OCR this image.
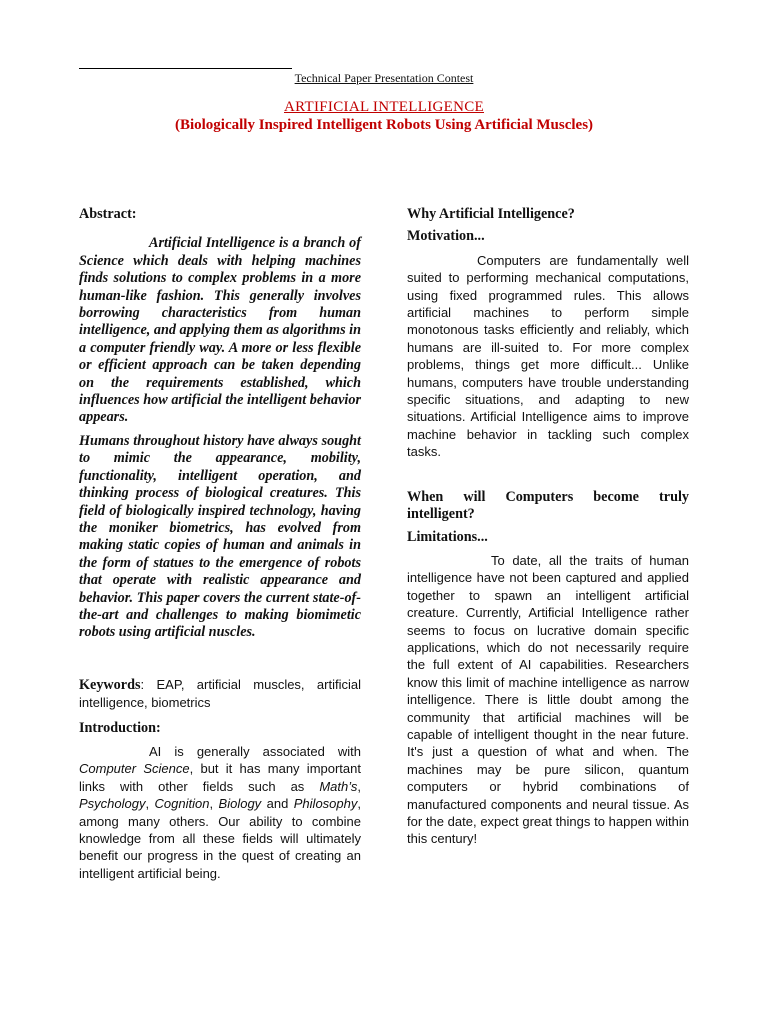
Technical Paper Presentation Contest
ARTIFICIAL INTELLIGENCE
(Biologically Inspired Intelligent Robots Using Artificial Muscles)

Abstract:

Artificial Intelligence is a branch of Science which deals with helping machines finds solutions to complex problems in a more human-like fashion. This generally involves borrowing characteristics from human intelligence, and applying them as algorithms in a computer friendly way. A more or less flexible or efficient approach can be taken depending on the requirements established, which influences how artificial the intelligent behavior appears.

Humans throughout history have always sought to mimic the appearance, mobility, functionality, intelligent operation, and thinking process of biological creatures. This field of biologically inspired technology, having the moniker biometrics, has evolved from making static copies of human and animals in the form of statues to the emergence of robots that operate with realistic appearance and behavior. This paper covers the current state-of-the-art and challenges to making biomimetic robots using artificial nuscles.

Keywords: EAP, artificial muscles, artificial intelligence, biometrics

Introduction:

AI is generally associated with Computer Science, but it has many important links with other fields such as Math’s, Psychology, Cognition, Biology and Philosophy, among many others. Our ability to combine knowledge from all these fields will ultimately benefit our progress in the quest of creating an intelligent artificial being.

Why Artificial Intelligence?

Motivation...

Computers are fundamentally well suited to performing mechanical computations, using fixed programmed rules. This allows artificial machines to perform simple monotonous tasks efficiently and reliably, which humans are ill-suited to. For more complex problems, things get more difficult... Unlike humans, computers have trouble understanding specific situations, and adapting to new situations. Artificial Intelligence aims to improve machine behavior in tackling such complex tasks.

When will Computers become truly intelligent?

Limitations...

To date, all the traits of human intelligence have not been captured and applied together to spawn an intelligent artificial creature. Currently, Artificial Intelligence rather seems to focus on lucrative domain specific applications, which do not necessarily require the full extent of AI capabilities. Researchers know this limit of machine intelligence as narrow intelligence. There is little doubt among the community that artificial machines will be capable of intelligent thought in the near future. It's just a question of what and when. The machines may be pure silicon, quantum computers or hybrid combinations of manufactured components and neural tissue. As for the date, expect great things to happen within this century!
